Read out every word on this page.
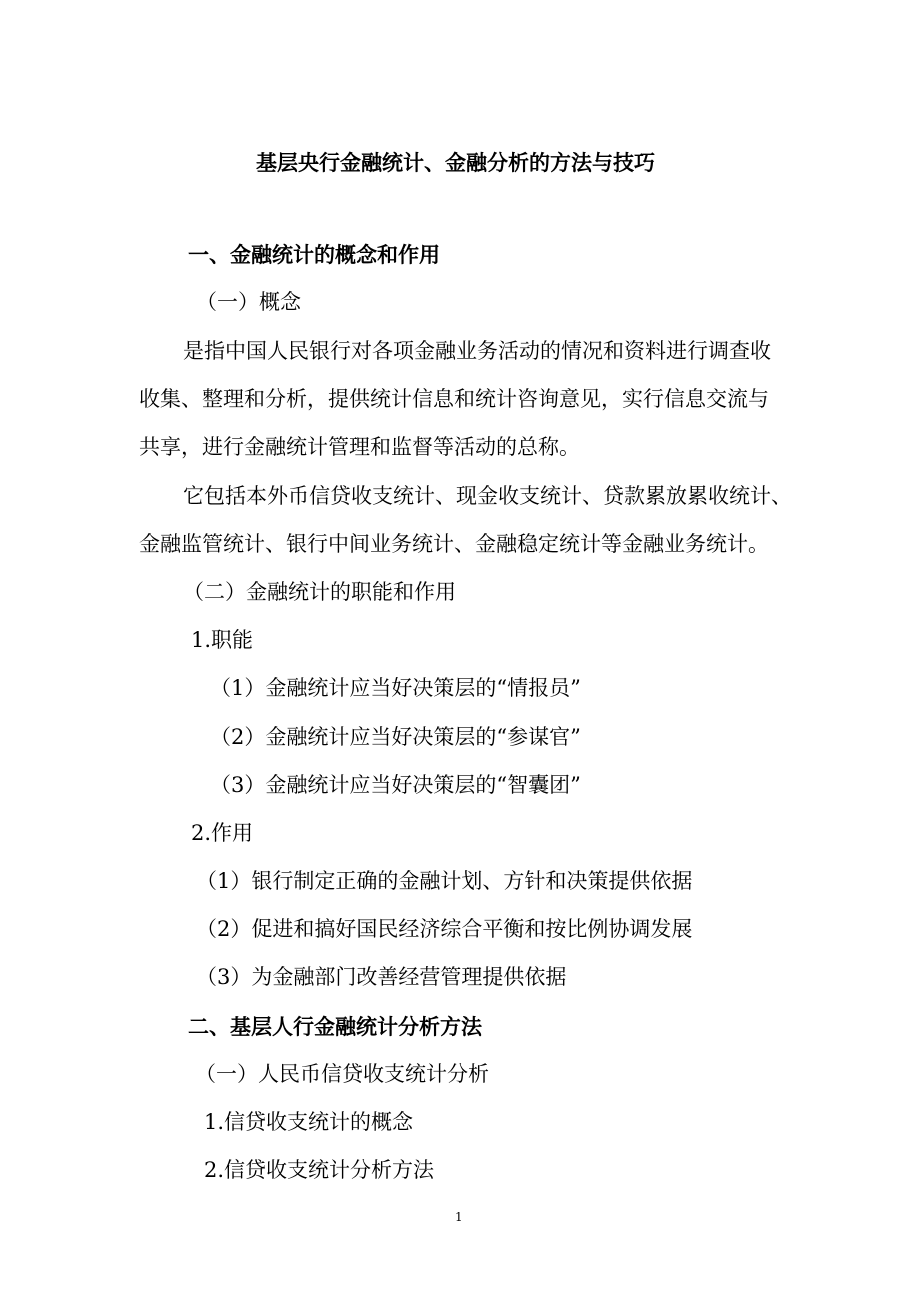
基层央行金融统计、金融分析的方法与技巧
一、金融统计的概念和作用
（一）概念
是指中国人民银行对各项金融业务活动的情况和资料进行调查收
收集、整理和分析，提供统计信息和统计咨询意见，实行信息交流与
共享，进行金融统计管理和监督等活动的总称。
它包括本外币信贷收支统计、现金收支统计、贷款累放累收统计、
金融监管统计、银行中间业务统计、金融稳定统计等金融业务统计。
（二）金融统计的职能和作用
1.职能
（1）金融统计应当好决策层的“情报员”
（2）金融统计应当好决策层的“参谋官”
（3）金融统计应当好决策层的“智囊团”
2.作用
（1）银行制定正确的金融计划、方针和决策提供依据
（2）促进和搞好国民经济综合平衡和按比例协调发展
（3）为金融部门改善经营管理提供依据
二、基层人行金融统计分析方法
（一）人民币信贷收支统计分析
1.信贷收支统计的概念
2.信贷收支统计分析方法
1
